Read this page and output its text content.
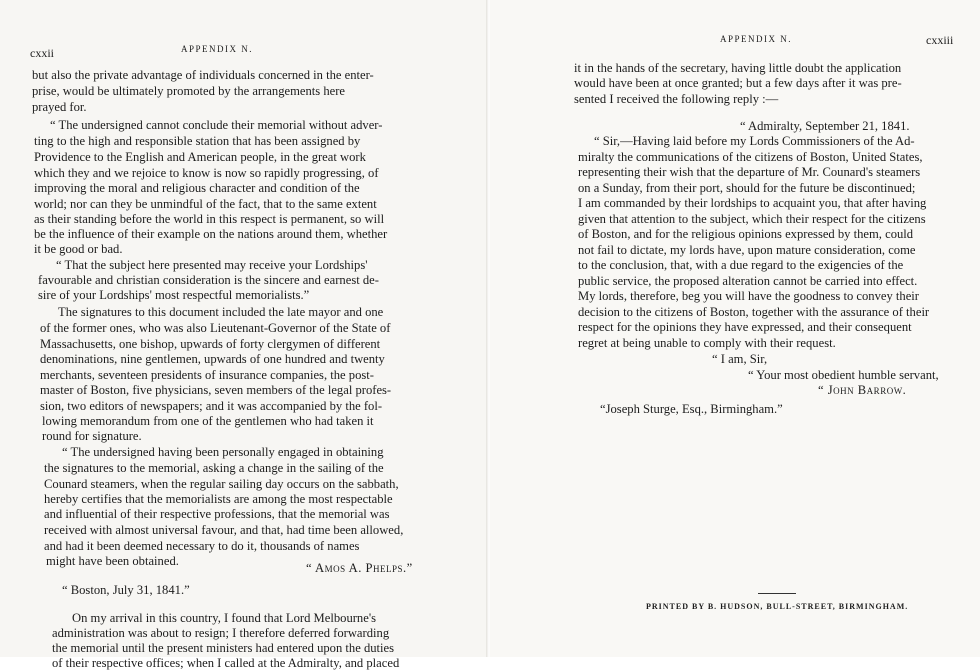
cxxii	APPENDIX N.
but also the private advantage of individuals concerned in the enter-
prise, would be ultimately promoted by the arrangements here
prayed for.
“ The undersigned cannot conclude their memorial without adver-
ting to the high and responsible station that has been assigned by
Providence to the English and American people, in the great work
which they and we rejoice to know is now so rapidly progressing, of
improving the moral and religious character and condition of the
world; nor can they be unmindful of the fact, that to the same extent
as their standing before the world in this respect is permanent, so will
be the influence of their example on the nations around them, whether
it be good or bad.
“ That the subject here presented may receive your Lordships'
favourable and christian consideration is the sincere and earnest de-
sire of your Lordships' most respectful memorialists.”
The signatures to this document included the late mayor and one
of the former ones, who was also Lieutenant-Governor of the State of
Massachusetts, one bishop, upwards of forty clergymen of different
denominations, nine gentlemen, upwards of one hundred and twenty
merchants, seventeen presidents of insurance companies, the post-
master of Boston, five physicians, seven members of the legal profes-
sion, two editors of newspapers; and it was accompanied by the fol-
lowing memorandum from one of the gentlemen who had taken it
round for signature.
“ The undersigned having been personally engaged in obtaining
the signatures to the memorial, asking a change in the sailing of the
Counard steamers, when the regular sailing day occurs on the sabbath,
hereby certifies that the memorialists are among the most respectable
and influential of their respective professions, that the memorial was
received with almost universal favour, and that, had time been allowed,
and had it been deemed necessary to do it, thousands of names
might have been obtained.	“ Amos A. Phelps.”
“ Boston, July 31, 1841.”
On my arrival in this country, I found that Lord Melbourne's
administration was about to resign; I therefore deferred forwarding
the memorial until the present ministers had entered upon the duties
of their respective offices; when I called at the Admiralty, and placed
APPENDIX N.	cxxiii
it in the hands of the secretary, having little doubt the application
would have been at once granted; but a few days after it was pre-
sented I received the following reply :—
“ Admiralty, September 21, 1841.
“ Sir,—Having laid before my Lords Commissioners of the Ad-
miralty the communications of the citizens of Boston, United States,
representing their wish that the departure of Mr. Counard's steamers
on a Sunday, from their port, should for the future be discontinued;
I am commanded by their lordships to acquaint you, that after having
given that attention to the subject, which their respect for the citizens
of Boston, and for the religious opinions expressed by them, could
not fail to dictate, my lords have, upon mature consideration, come
to the conclusion, that, with a due regard to the exigencies of the
public service, the proposed alteration cannot be carried into effect.
My lords, therefore, beg you will have the goodness to convey their
decision to the citizens of Boston, together with the assurance of their
respect for the opinions they have expressed, and their consequent
regret at being unable to comply with their request.
“ I am, Sir,
“ Your most obedient humble servant,
“ John Barrow.
“Joseph Sturge, Esq., Birmingham.”
PRINTED BY B. HUDSON, BULL-STREET, BIRMINGHAM.
